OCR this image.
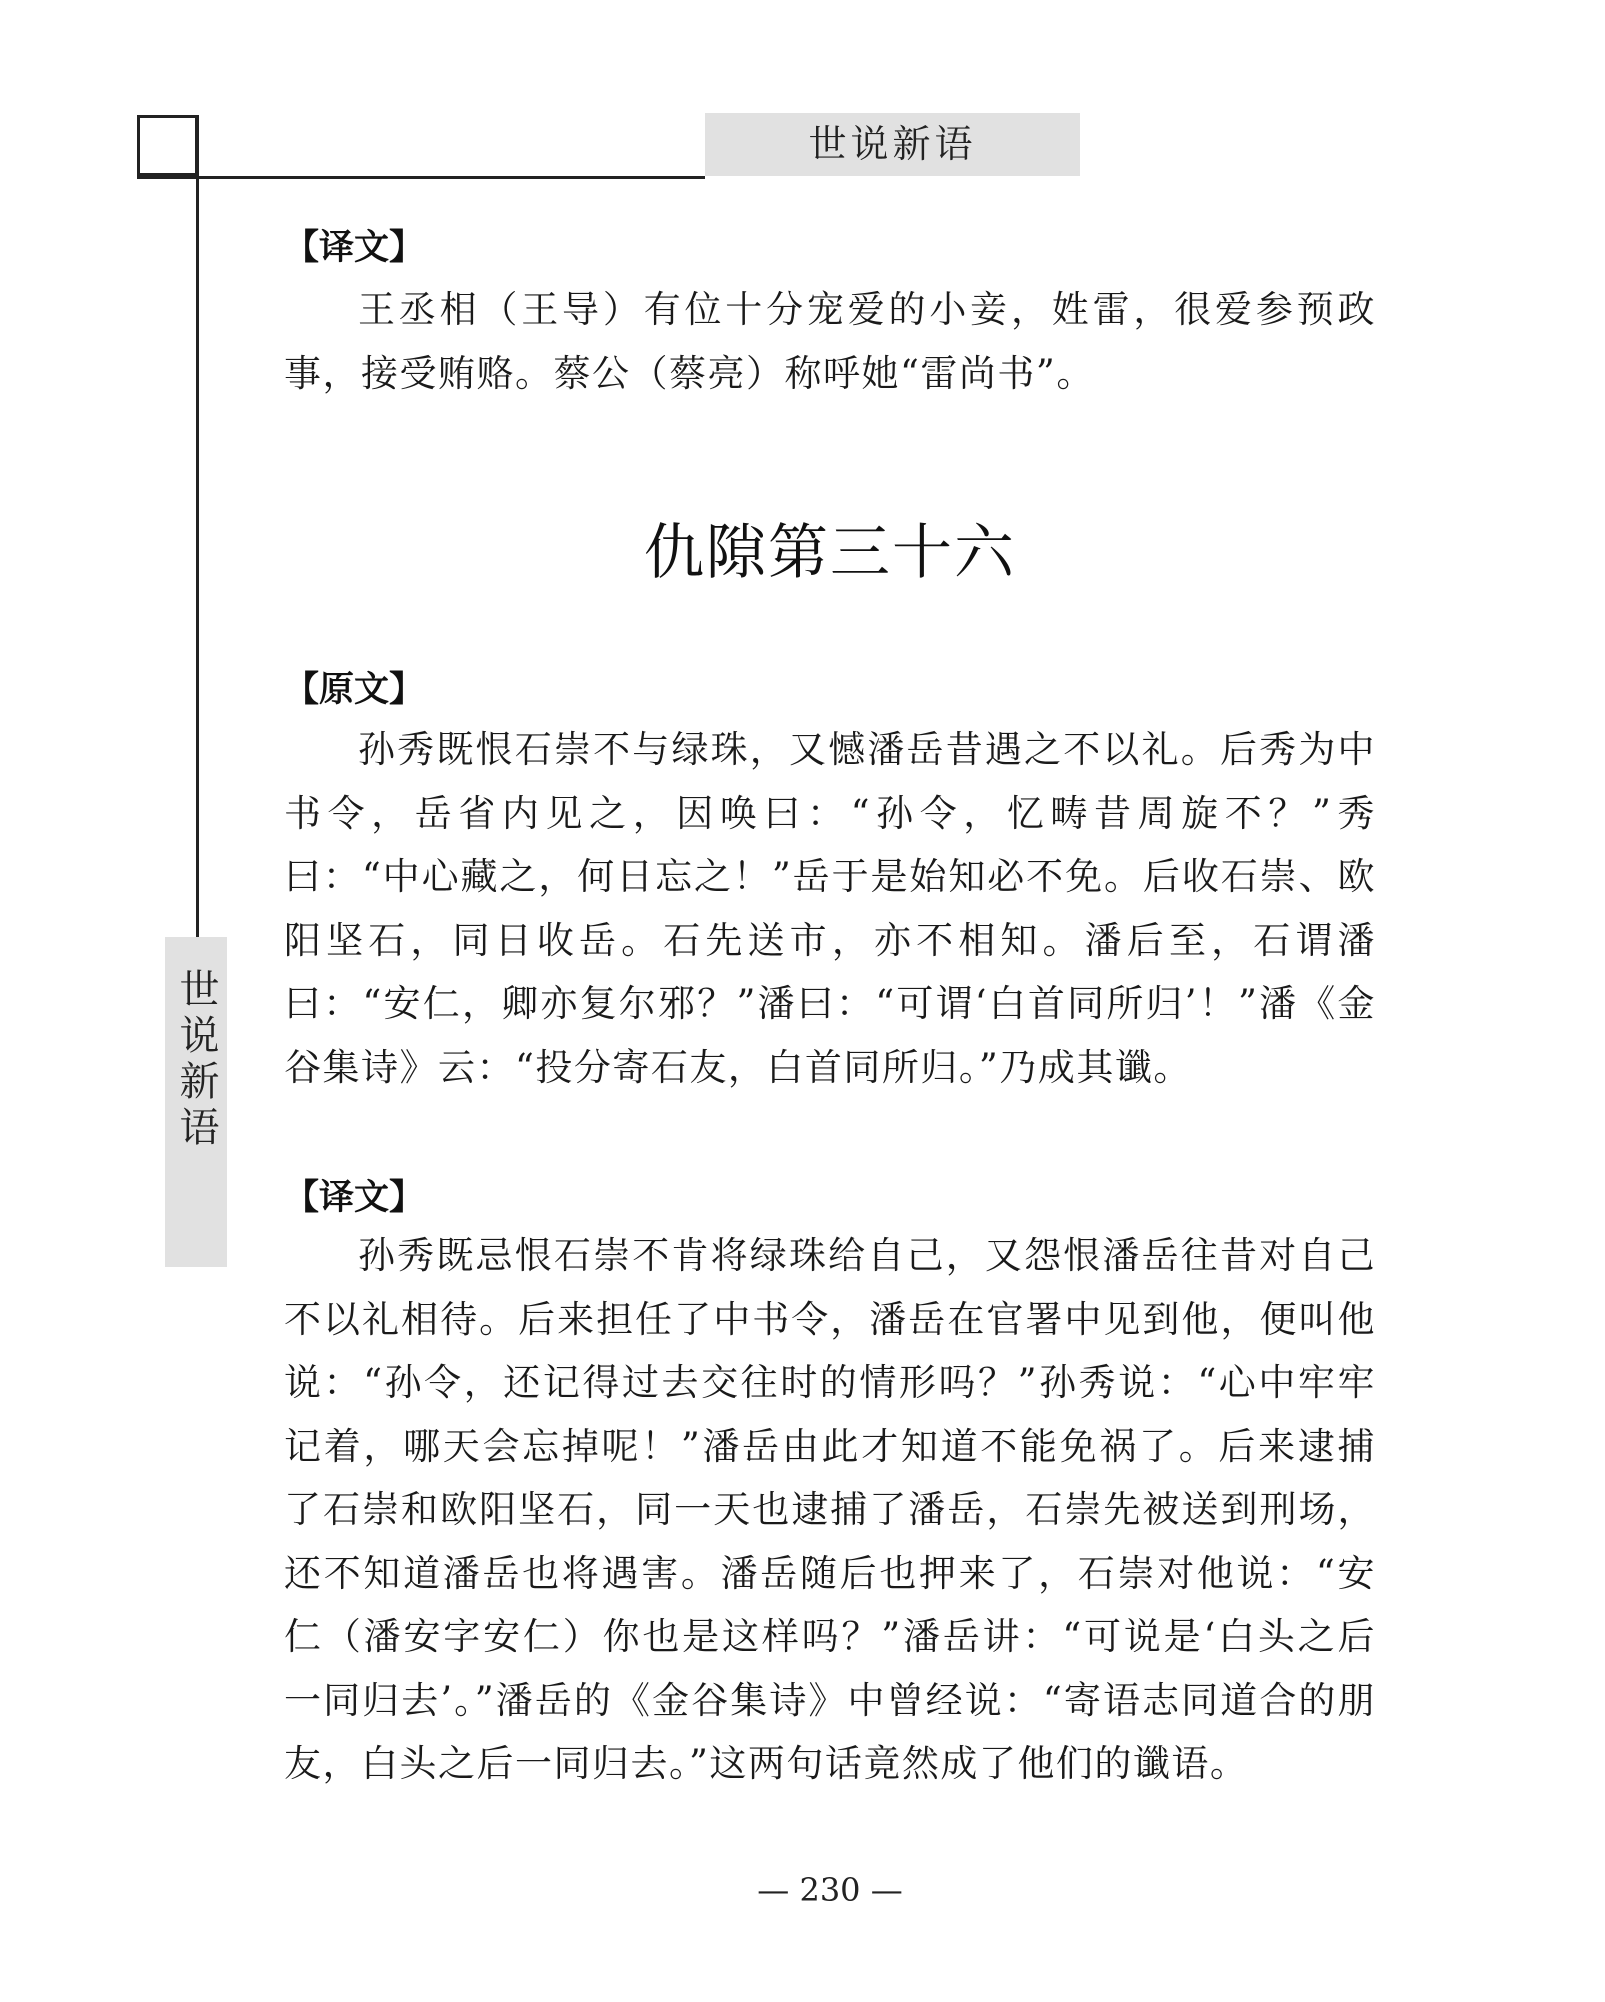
世说新语
世说新语
【译文】

王丞相（王导）有位十分宠爱的小妾，姓雷，很爱参预政事，接受贿赂。蔡公（蔡亮）称呼她“雷尚书”。

仇隙第三十六
【原文】

孙秀既恨石崇不与绿珠，又憾潘岳昔遇之不以礼。后秀为中书令，岳省内见之，因唤曰：“孙令，忆畴昔周旋不？”秀曰：“中心藏之，何日忘之！”岳于是始知必不免。后收石崇、欧阳坚石，同日收岳。石先送市，亦不相知。潘后至，石谓潘曰：“安仁，卿亦复尔邪？”潘曰：“可谓‘白首同所归’！”潘《金谷集诗》云：“投分寄石友，白首同所归。”乃成其谶。

【译文】

孙秀既忌恨石崇不肯将绿珠给自己，又怨恨潘岳往昔对自己不以礼相待。后来担任了中书令，潘岳在官署中见到他，便叫他说：“孙令，还记得过去交往时的情形吗？”孙秀说：“心中牢牢记着，哪天会忘掉呢！”潘岳由此才知道不能免祸了。后来逮捕了石崇和欧阳坚石，同一天也逮捕了潘岳，石崇先被送到刑场，还不知道潘岳也将遇害。潘岳随后也押来了，石崇对他说：“安仁（潘安字安仁）你也是这样吗？”潘岳讲：“可说是‘白头之后一同归去’。”潘岳的《金谷集诗》中曾经说：“寄语志同道合的朋友，白头之后一同归去。”这两句话竟然成了他们的谶语。

— 230 —
